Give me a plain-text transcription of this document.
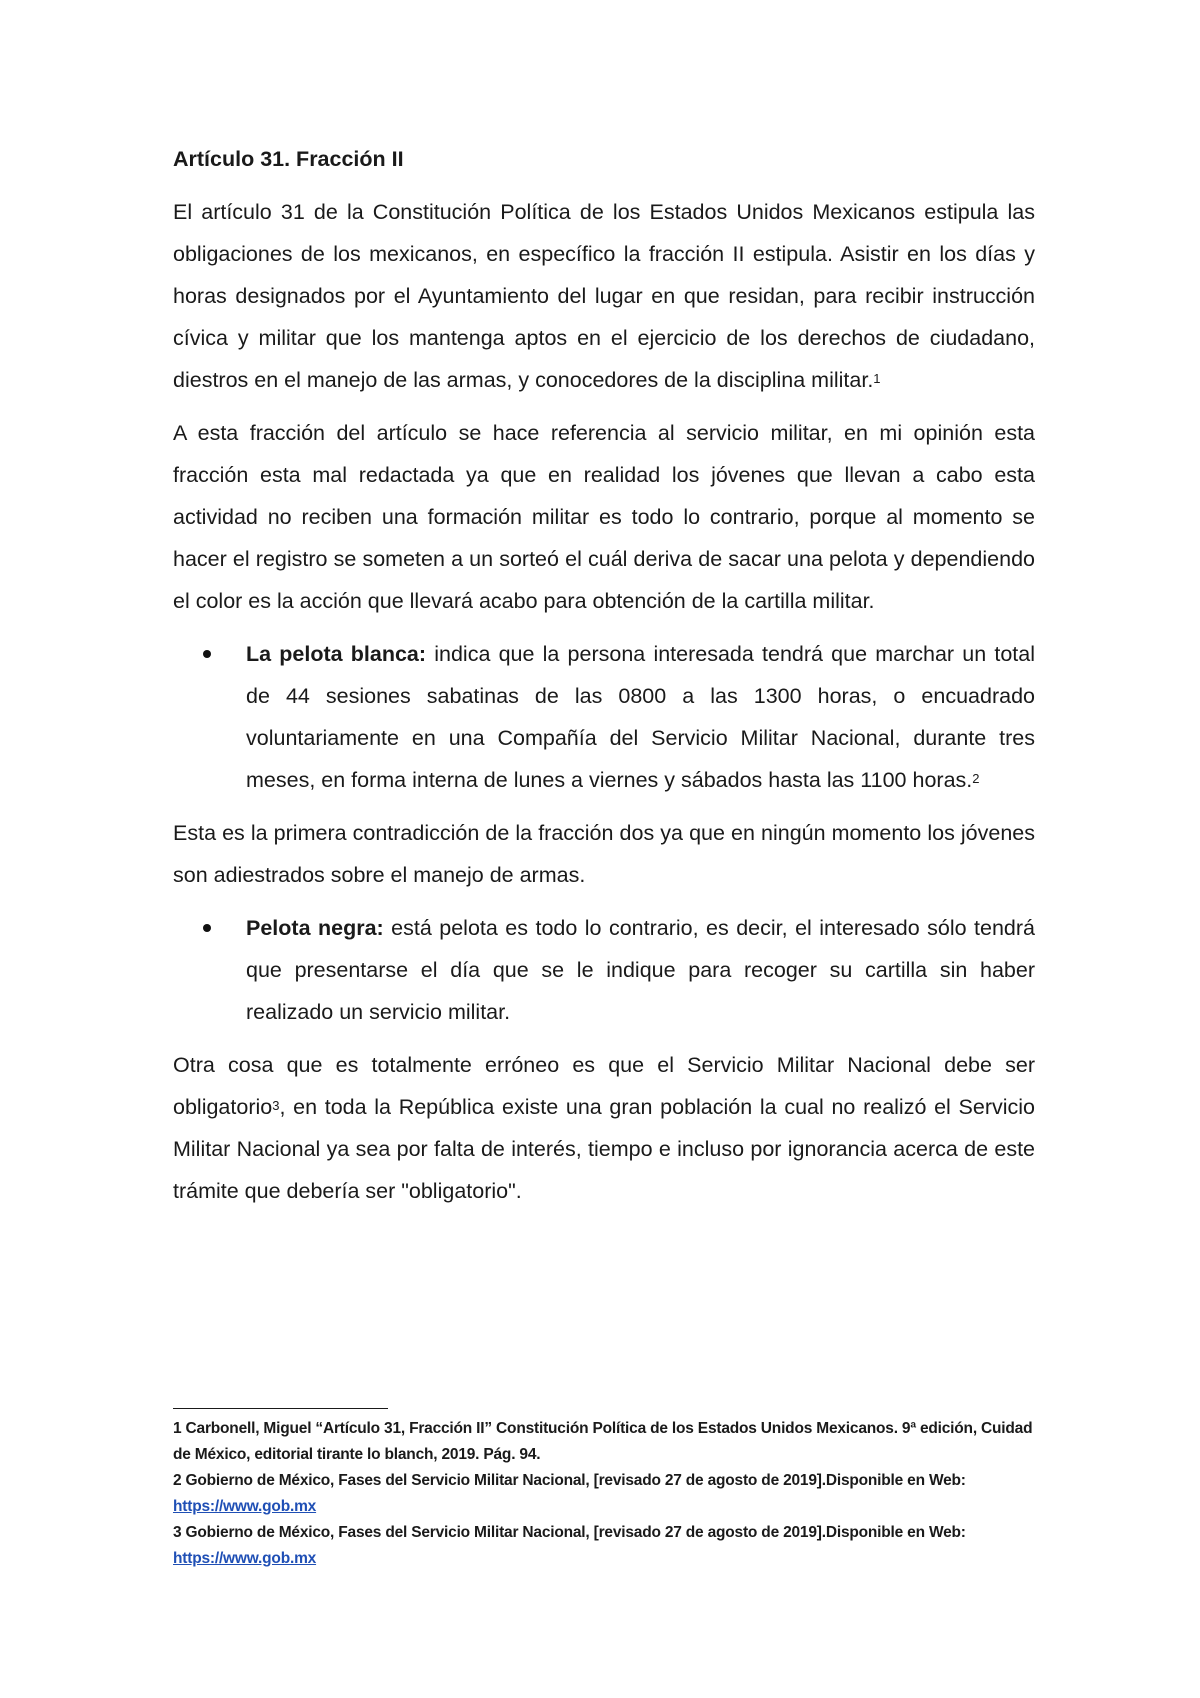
Artículo 31. Fracción II

El artículo 31 de la Constitución Política de los Estados Unidos Mexicanos estipula las obligaciones de los mexicanos, en específico la fracción II estipula. Asistir en los días y horas designados por el Ayuntamiento del lugar en que residan, para recibir instrucción cívica y militar que los mantenga aptos en el ejercicio de los derechos de ciudadano, diestros en el manejo de las armas, y conocedores de la disciplina militar.$^1$

A esta fracción del artículo se hace referencia al servicio militar, en mi opinión esta fracción esta mal redactada ya que en realidad los jóvenes que llevan a cabo esta actividad no reciben una formación militar es todo lo contrario, porque al momento se hacer el registro se someten a un sorteó el cuál deriva de sacar una pelota y dependiendo el color es la acción que llevará acabo para obtención de la cartilla militar.

La pelota blanca: indica que la persona interesada tendrá que marchar un total de 44 sesiones sabatinas de las 0800 a las 1300 horas, o encuadrado voluntariamente en una Compañía del Servicio Militar Nacional, durante tres meses, en forma interna de lunes a viernes y sábados hasta las 1100 horas.$^2$

Esta es la primera contradicción de la fracción dos ya que en ningún momento los jóvenes son adiestrados sobre el manejo de armas.

Pelota negra: está pelota es todo lo contrario, es decir, el interesado sólo tendrá que presentarse el día que se le indique para recoger su cartilla sin haber realizado un servicio militar.

Otra cosa que es totalmente erróneo es que el Servicio Militar Nacional debe ser obligatorio$^3$, en toda la República existe una gran población la cual no realizó el Servicio Militar Nacional ya sea por falta de interés, tiempo e incluso por ignorancia acerca de este trámite que debería ser "obligatorio".

1 Carbonell, Miguel “Artículo 31, Fracción II” Constitución Política de los Estados Unidos Mexicanos. 9ª edición, Cuidad de México, editorial tirante lo blanch, 2019. Pág. 94.

2 Gobierno de México, Fases del Servicio Militar Nacional, [revisado 27 de agosto de 2019].Disponible en Web: https://www.gob.mx

3 Gobierno de México, Fases del Servicio Militar Nacional, [revisado 27 de agosto de 2019].Disponible en Web: https://www.gob.mx
